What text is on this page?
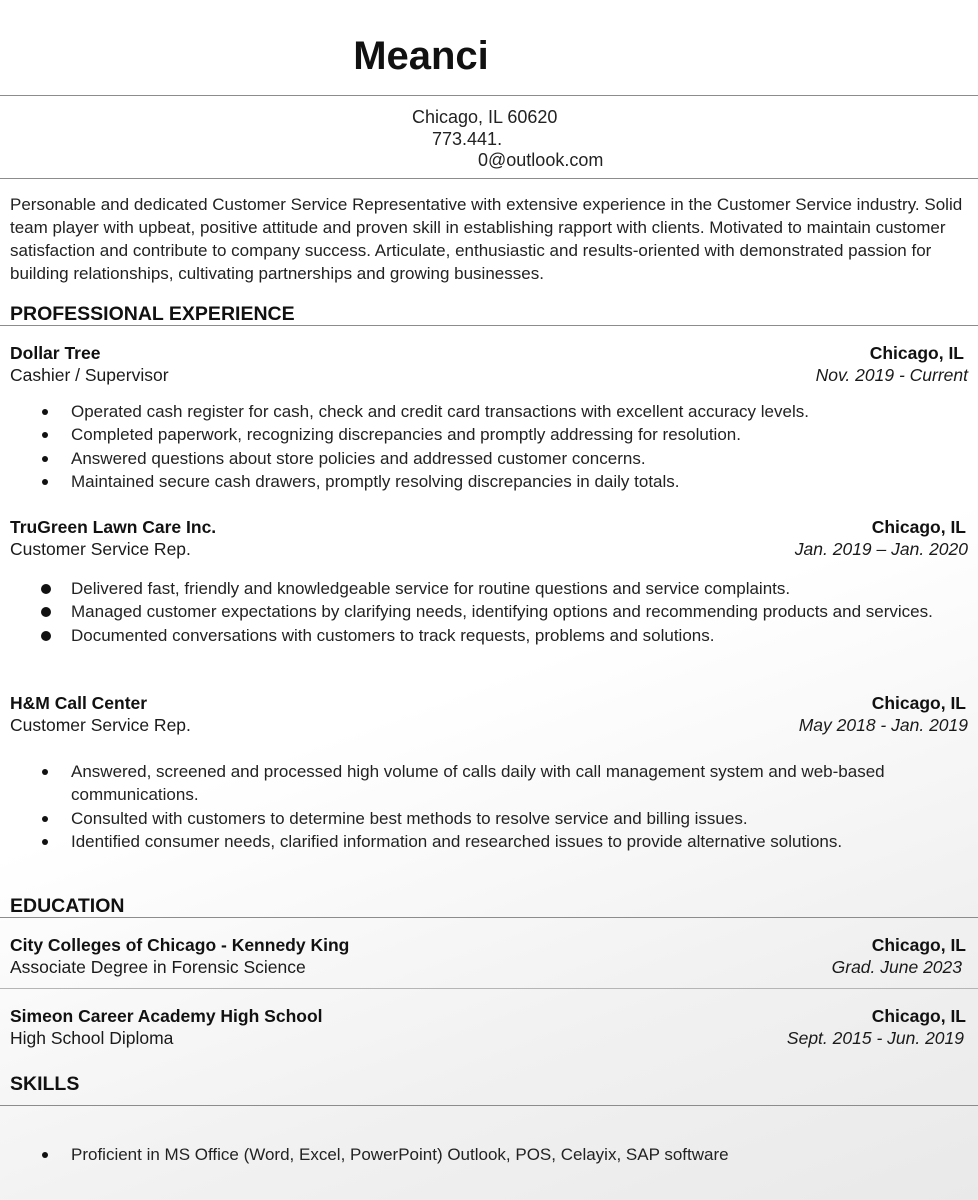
Meanci
Chicago, IL 60620
773.441.
0@outlook.com

Personable and dedicated Customer Service Representative with extensive experience in the Customer Service industry. Solid team player with upbeat, positive attitude and proven skill in establishing rapport with clients. Motivated to maintain customer satisfaction and contribute to company success. Articulate, enthusiastic and results-oriented with demonstrated passion for building relationships, cultivating partnerships and growing businesses.

PROFESSIONAL EXPERIENCE
Dollar Tree	Chicago, IL
Cashier / Supervisor	Nov. 2019 - Current
Operated cash register for cash, check and credit card transactions with excellent accuracy levels.
Completed paperwork, recognizing discrepancies and promptly addressing for resolution.
Answered questions about store policies and addressed customer concerns.
Maintained secure cash drawers, promptly resolving discrepancies in daily totals.
TruGreen Lawn Care Inc.	Chicago, IL
Customer Service Rep.	Jan. 2019 – Jan. 2020
Delivered fast, friendly and knowledgeable service for routine questions and service complaints.
Managed customer expectations by clarifying needs, identifying options and recommending products and services.
Documented conversations with customers to track requests, problems and solutions.
H&M Call Center	Chicago, IL
Customer Service Rep.	May 2018 - Jan. 2019
Answered, screened and processed high volume of calls daily with call management system and web-based communications.
Consulted with customers to determine best methods to resolve service and billing issues.
Identified consumer needs, clarified information and researched issues to provide alternative solutions.
EDUCATION
City Colleges of Chicago - Kennedy King	Chicago, IL
Associate Degree in Forensic Science	Grad. June 2023
Simeon Career Academy High School	Chicago, IL
High School Diploma	Sept. 2015 - Jun. 2019
SKILLS
Proficient in MS Office (Word, Excel, PowerPoint) Outlook, POS, Celayix, SAP software
